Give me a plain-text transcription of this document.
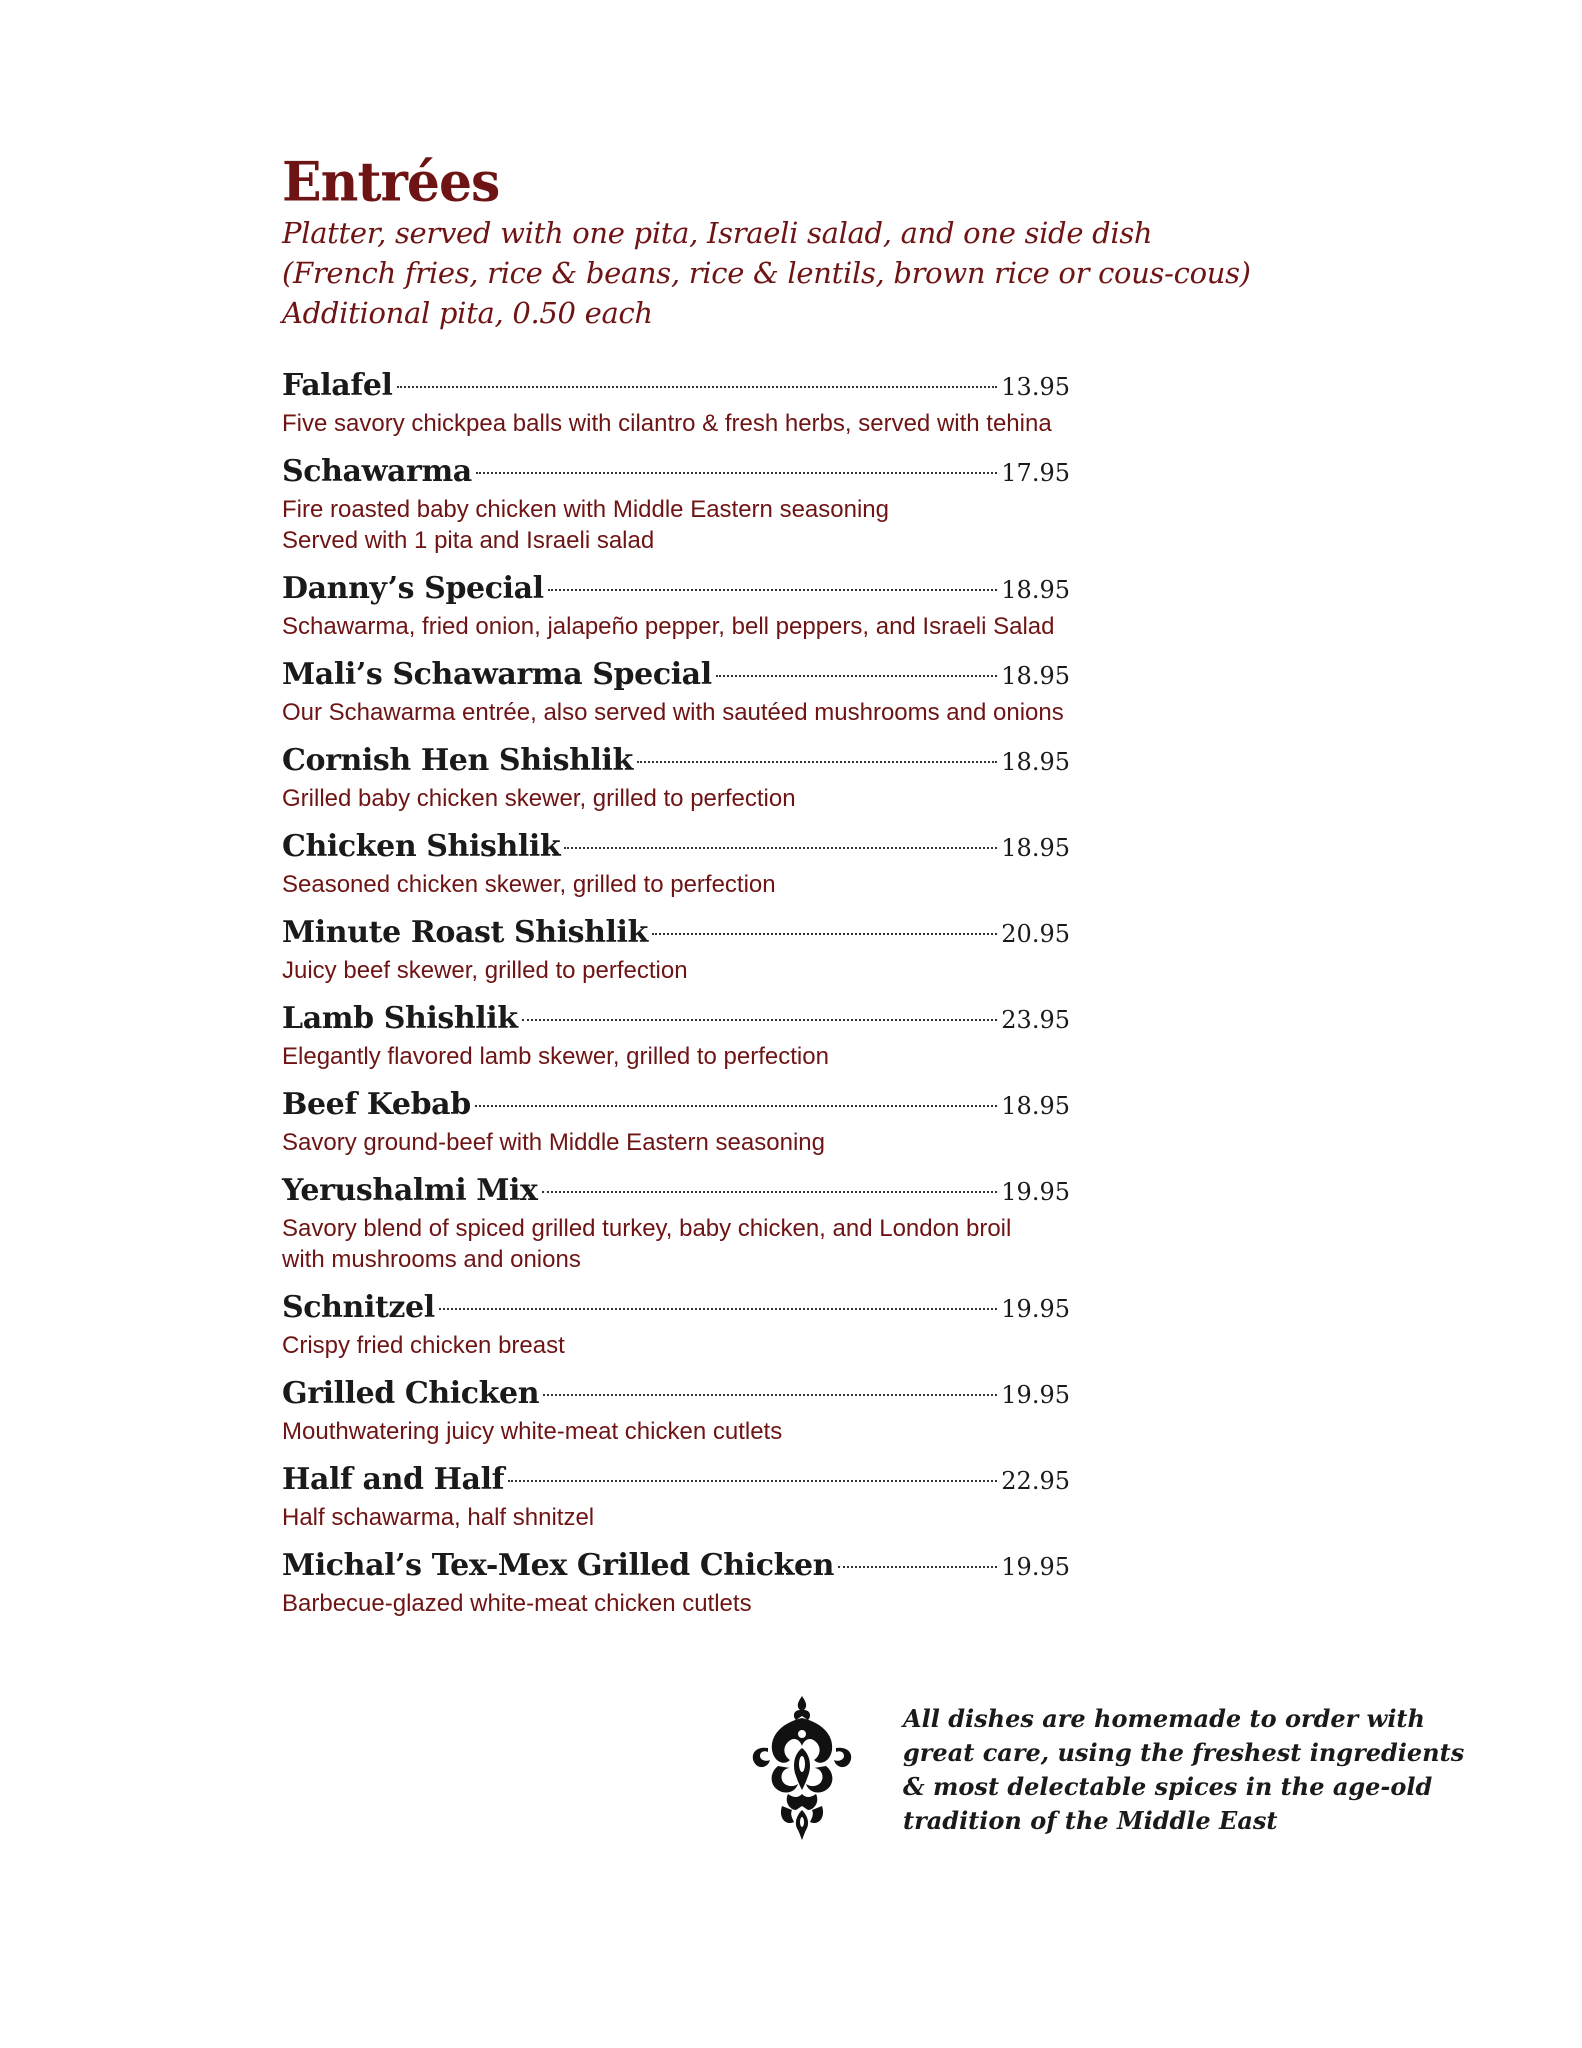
Entrées
Platter, served with one pita, Israeli salad, and one side dish
(French fries, rice & beans, rice & lentils, brown rice or cous-cous)
Additional pita, 0.50 each
Falafel	13.95
Five savory chickpea balls with cilantro & fresh herbs, served with tehina
Schawarma	17.95
Fire roasted baby chicken with Middle Eastern seasoning
Served with 1 pita and Israeli salad
Danny’s Special	18.95
Schawarma, fried onion, jalapeño pepper, bell peppers, and Israeli Salad
Mali’s Schawarma Special	18.95
Our Schawarma entrée, also served with sautéed mushrooms and onions
Cornish Hen Shishlik	18.95
Grilled baby chicken skewer, grilled to perfection
Chicken Shishlik	18.95
Seasoned chicken skewer, grilled to perfection
Minute Roast Shishlik	20.95
Juicy beef skewer, grilled to perfection
Lamb Shishlik	23.95
Elegantly flavored lamb skewer, grilled to perfection
Beef Kebab	18.95
Savory ground-beef with Middle Eastern seasoning
Yerushalmi Mix	19.95
Savory blend of spiced grilled turkey, baby chicken, and London broil
with mushrooms and onions
Schnitzel	19.95
Crispy fried chicken breast
Grilled Chicken	19.95
Mouthwatering juicy white-meat chicken cutlets
Half and Half	22.95
Half schawarma, half shnitzel
Michal’s Tex-Mex Grilled Chicken	19.95
Barbecue-glazed white-meat chicken cutlets
All dishes are homemade to order with
great care, using the freshest ingredients
& most delectable spices in the age-old
tradition of the Middle East
